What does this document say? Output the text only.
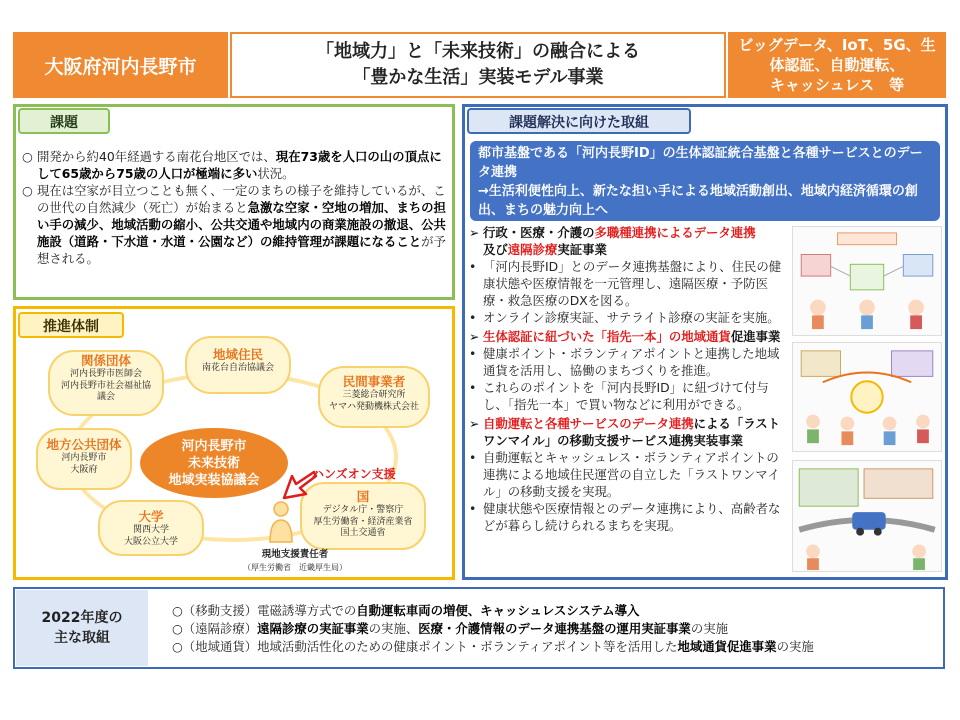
大阪府河内長野市
「地域力」と「未来技術」の融合による
「豊かな生活」実装モデル事業
ビッグデータ、IoT、5G、生
体認証、自動運転、
キャッシュレス　等
課題
○ 開発から約40年経過する南花台地区では、現在73歳を人口の山の頂点にして65歳から75歳の人口が極端に多い状況。
○ 現在は空家が目立つことも無く、一定のまちの様子を維持しているが、この世代の自然減少（死亡）が始まると急激な空家・空地の増加、まちの担い手の減少、地域活動の縮小、公共交通や地域内の商業施設の撤退、公共施設（道路・下水道・水道・公園など）の維持管理が課題になることが予想される。
推進体制
関係団体
河内長野市医師会
河内長野市社会福祉協
議会
地域住民
南花台自治協議会
民間事業者
三菱総合研究所
ヤマハ発動機株式会社
地方公共団体
河内長野市
大阪府
大学
関西大学
大阪公立大学
国
デジタル庁・警察庁
厚生労働省・経済産業省
国土交通省
河内長野市
未来技術
地域実装協議会	ハンズオン支援
現地支援責任者
（厚生労働省　近畿厚生局）
課題解決に向けた取組
都市基盤である「河内長野ID」の生体認証統合基盤と各種サービスとのデータ連携
→生活利便性向上、新たな担い手による地域活動創出、地域内経済循環の創出、まちの魅力向上へ
➢ 行政・医療・介護の多職種連携によるデータ連携
及び遠隔診療実証事業
• 「河内長野ID」とのデータ連携基盤により、住民の健康状態や医療情報を一元管理し、遠隔医療・予防医療・救急医療のDXを図る。
• オンライン診療実証、サテライト診療の実証を実施。
➢ 生体認証に紐づいた「指先一本」の地域通貨促進事業
• 健康ポイント・ボランティアポイントと連携した地域通貨を活用し、協働のまちづくりを推進。
• これらのポイントを「河内長野ID」に紐づけて付与し、「指先一本」で買い物などに利用ができる。
➢ 自動運転と各種サービスのデータ連携による「ラストワンマイル」の移動支援サービス連携実装事業
• 自動運転とキャッシュレス・ボランティアポイントの連携による地域住民運営の自立した「ラストワンマイル」の移動支援を実現。
• 健康状態や医療情報とのデータ連携により、高齢者などが暮らし続けられるまちを実現。
2022年度の
主な取組
○（移動支援）電磁誘導方式での自動運転車両の増便、キャッシュレスシステム導入
○（遠隔診療）遠隔診療の実証事業の実施、医療・介護情報のデータ連携基盤の運用実証事業の実施
○（地域通貨）地域活動活性化のための健康ポイント・ボランティアポイント等を活用した地域通貨促進事業の実施
